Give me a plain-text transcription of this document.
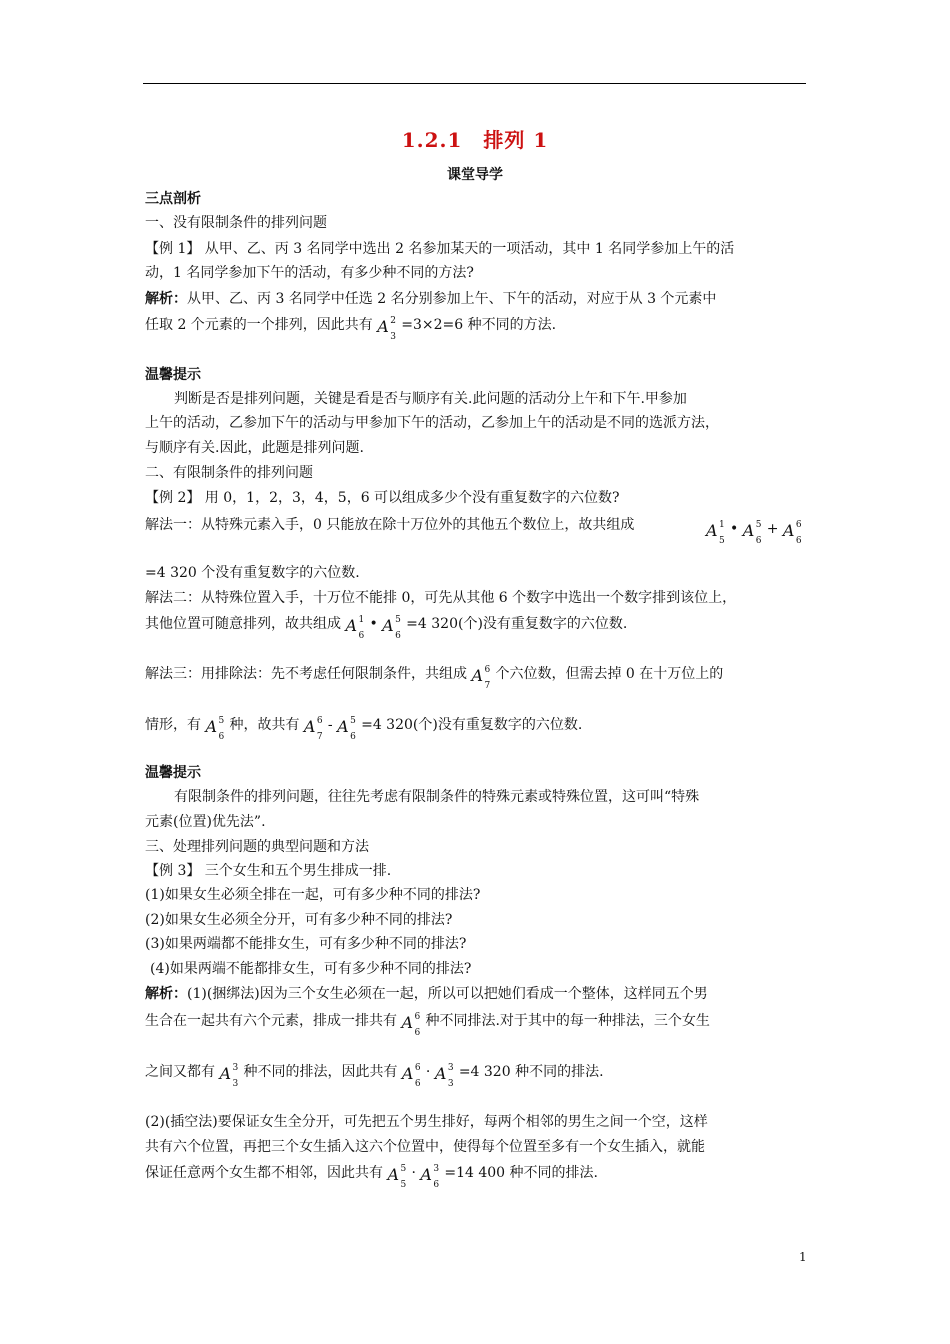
1.2.1　排列 1
课堂导学
三点剖析
一、没有限制条件的排列问题
【例 1】 从甲、乙、丙 3 名同学中选出 2 名参加某天的一项活动，其中 1 名同学参加上午的活
动，1 名同学参加下午的活动，有多少种不同的方法?
解析：从甲、乙、丙 3 名同学中任选 2 名分别参加上午、下午的活动，对应于从 3 个元素中
任取 2 个元素的一个排列，因此共有 A 2
3
=3×2=6 种不同的方法.
温馨提示
判断是否是排列问题，关键是看是否与顺序有关.此问题的活动分上午和下午.甲参加
上午的活动，乙参加下午的活动与甲参加下午的活动，乙参加上午的活动是不同的选派方法，
与顺序有关.因此，此题是排列问题.
二、有限制条件的排列问题
【例 2】 用 0，1，2，3，4，5，6 可以组成多少个没有重复数字的六位数?
解法一：从特殊元素入手，0 只能放在除十万位外的其他五个数位上，故共组成	A 1
5
• A 5
6
+ A 6
6
=4 320 个没有重复数字的六位数.
解法二：从特殊位置入手，十万位不能排 0，可先从其他 6 个数字中选出一个数字排到该位上，
其他位置可随意排列，故共组成 A 1
6
• A 5
6
=4 320(个)没有重复数字的六位数.
解法三：用排除法：先不考虑任何限制条件，共组成 A 6
7
个六位数，但需去掉 0 在十万位上的
情形，有 A 5
6
种，故共有 A 6
7
- A 5
6
=4 320(个)没有重复数字的六位数.
温馨提示
有限制条件的排列问题，往往先考虑有限制条件的特殊元素或特殊位置，这可叫“特殊
元素(位置)优先法”.
三、处理排列问题的典型问题和方法
【例 3】 三个女生和五个男生排成一排.
(1)如果女生必须全排在一起，可有多少种不同的排法?
(2)如果女生必须全分开，可有多少种不同的排法?
(3)如果两端都不能排女生，可有多少种不同的排法?
(4)如果两端不能都排女生，可有多少种不同的排法?
解析：(1)(捆绑法)因为三个女生必须在一起，所以可以把她们看成一个整体，这样同五个男
生合在一起共有六个元素，排成一排共有 A 6
6
种不同排法.对于其中的每一种排法，三个女生
之间又都有 A 3
3
种不同的排法，因此共有 A 6
6
· A 3
3
=4 320 种不同的排法.
(2)(插空法)要保证女生全分开，可先把五个男生排好，每两个相邻的男生之间一个空，这样
共有六个位置，再把三个女生插入这六个位置中，使得每个位置至多有一个女生插入，就能
保证任意两个女生都不相邻，因此共有 A 5
5
· A 3
6
=14 400 种不同的排法.
1
